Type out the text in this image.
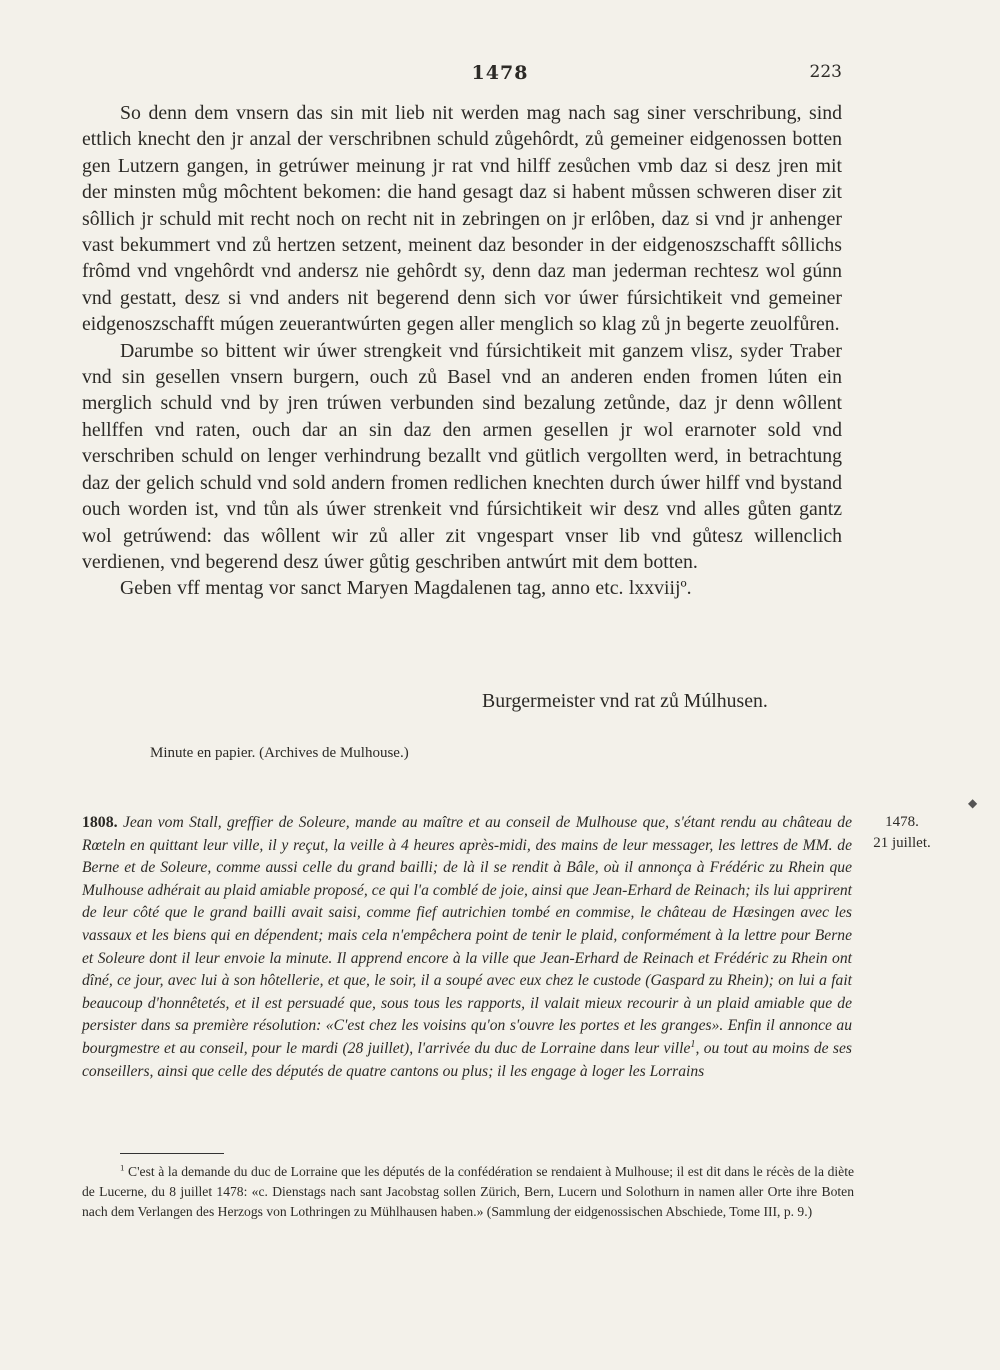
1478	223

So denn dem vnsern das sin mit lieb nit werden mag nach sag siner verschribung, sind ettlich knecht den jr anzal der verschribnen schuld zůgehôrdt, zů gemeiner eidgenossen botten gen Lutzern gangen, in getrúwer meinung jr rat vnd hilff zesůchen vmb daz si desz jren mit der minsten můg môchtent bekomen: die hand gesagt daz si habent můssen schweren diser zit sôllich jr schuld mit recht noch on recht nit in zebringen on jr erlôben, daz si vnd jr anhenger vast bekummert vnd zů hertzen setzent, meinent daz besonder in der eidgenoszschafft sôllichs frômd vnd vngehôrdt vnd andersz nie gehôrdt sy, denn daz man jederman rechtesz wol gúnn vnd gestatt, desz si vnd anders nit begerend denn sich vor úwer fúrsichtikeit vnd gemeiner eidgenoszschafft múgen zeuerantwúrten gegen aller menglich so klag zů jn begerte zeuolfůren.

Darumbe so bittent wir úwer strengkeit vnd fúrsichtikeit mit ganzem vlisz, syder Traber vnd sin gesellen vnsern burgern, ouch zů Basel vnd an anderen enden fromen lúten ein merglich schuld vnd by jren trúwen verbunden sind bezalung zetůnde, daz jr denn wôllent hellffen vnd raten, ouch dar an sin daz den armen gesellen jr wol erarnoter sold vnd verschriben schuld on lenger verhindrung bezallt vnd gütlich vergollten werd, in betrachtung daz der gelich schuld vnd sold andern fromen redlichen knechten durch úwer hilff vnd bystand ouch worden ist, vnd tůn als úwer strenkeit vnd fúrsichtikeit wir desz vnd alles gůten gantz wol getrúwend: das wôllent wir zů aller zit vngespart vnser lib vnd gůtesz willenclich verdienen, vnd begerend desz úwer gůtig geschriben antwúrt mit dem botten.

Geben vff mentag vor sanct Maryen Magdalenen tag, anno etc. lxxviijº.

Burgermeister vnd rat zů Múlhusen.
Minute en papier. (Archives de Mulhouse.)
◆
1808. Jean vom Stall, greffier de Soleure, mande au maître et au conseil de Mulhouse que, s'étant rendu au château de Rœteln en quittant leur ville, il y reçut, la veille à 4 heures après-midi, des mains de leur messager, les lettres de MM. de Berne et de Soleure, comme aussi celle du grand bailli; de là il se rendit à Bâle, où il annonça à Frédéric zu Rhein que Mulhouse adhérait au plaid amiable proposé, ce qui l'a comblé de joie, ainsi que Jean-Erhard de Reinach; ils lui apprirent de leur côté que le grand bailli avait saisi, comme fief autrichien tombé en commise, le château de Hæsingen avec les vassaux et les biens qui en dépendent; mais cela n'empêchera point de tenir le plaid, conformément à la lettre pour Berne et Soleure dont il leur envoie la minute. Il apprend encore à la ville que Jean-Erhard de Reinach et Frédéric zu Rhein ont dîné, ce jour, avec lui à son hôtellerie, et que, le soir, il a soupé avec eux chez le custode (Gaspard zu Rhein); on lui a fait beaucoup d'honnêtetés, et il est persuadé que, sous tous les rapports, il valait mieux recourir à un plaid amiable que de persister dans sa première résolution: «C'est chez les voisins qu'on s'ouvre les portes et les granges». Enfin il annonce au bourgmestre et au conseil, pour le mardi (28 juillet), l'arrivée du duc de Lorraine dans leur ville$^1$, ou tout au moins de ses conseillers, ainsi que celle des députés de quatre cantons ou plus; il les engage à loger les Lorrains
1478.
21 juillet.

$^1$ C'est à la demande du duc de Lorraine que les députés de la confédération se rendaient à Mulhouse; il est dit dans le récès de la diète de Lucerne, du 8 juillet 1478: «c. Dienstags nach sant Jacobstag sollen Zürich, Bern, Lucern und Solothurn in namen aller Orte ihre Boten nach dem Verlangen des Herzogs von Lothringen zu Mühlhausen haben.» (Sammlung der eidgenossischen Abschiede, Tome III, p. 9.)
